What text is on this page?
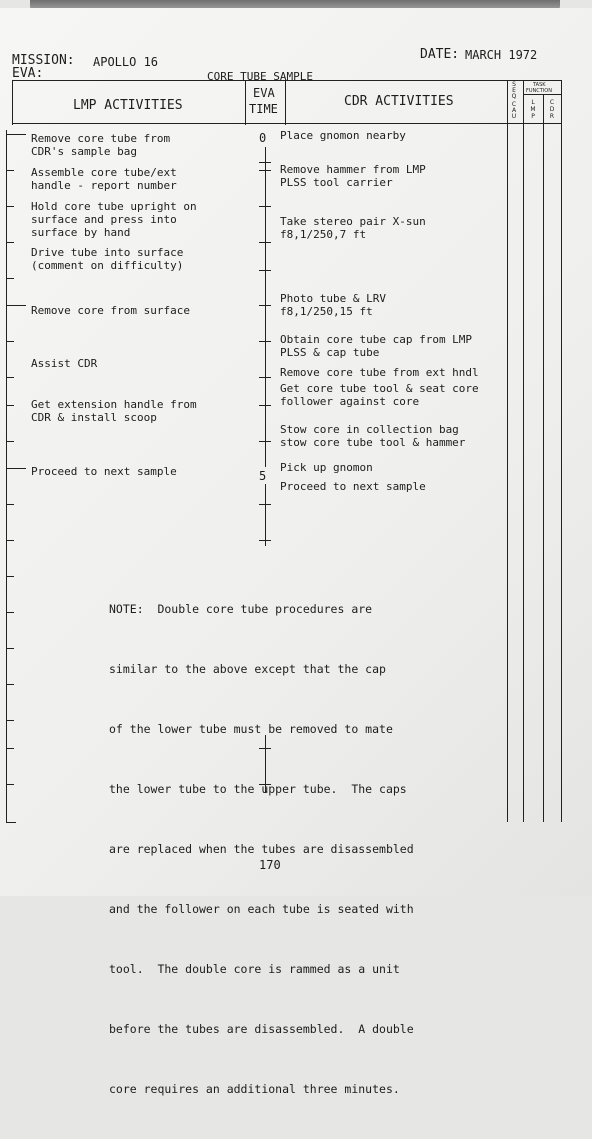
MISSION: APOLLO 16
EVA:
DATE: MARCH 1972
CORE TUBE SAMPLE
LMP ACTIVITIES
EVA
TIME	CDR ACTIVITIES
S
E
Q
C
A
U
TASK
FUNCTION
L
M
P
C
D
R
Remove core tube from
CDR's sample bag
Assemble core tube/ext
handle - report number
Hold core tube upright on
surface and press into
surface by hand
Drive tube into surface
(comment on difficulty)
Remove core from surface
Assist CDR
Get extension handle from
CDR & install scoop
Proceed to next sample
0
5
Place gnomon nearby
Remove hammer from LMP
PLSS tool carrier
Take stereo pair X-sun
f8,1/250,7 ft
Photo tube & LRV
f8,1/250,15 ft
Obtain core tube cap from LMP
PLSS & cap tube
Remove core tube from ext hndl
Get core tube tool & seat core
follower against core
Stow core in collection bag
stow core tube tool & hammer
Pick up gnomon
Proceed to next sample

NOTE:  Double core tube procedures are

similar to the above except that the cap

of the lower tube must be removed to mate

the lower tube to the upper tube.  The caps

are replaced when the tubes are disassembled

and the follower on each tube is seated with

tool.  The double core is rammed as a unit

before the tubes are disassembled.  A double

core requires an additional three minutes.

170
